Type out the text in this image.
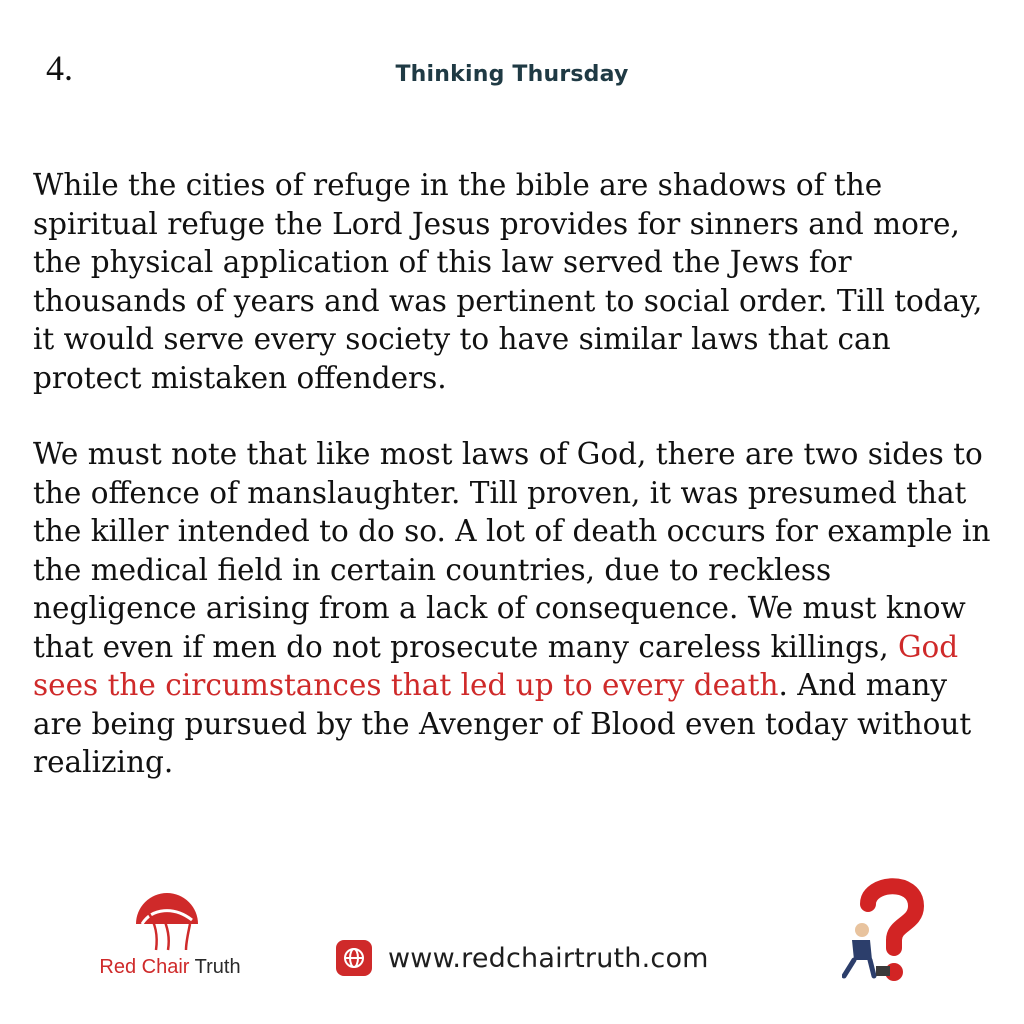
4.	Thinking Thursday

While the cities of refuge in the bible are shadows of the spiritual refuge the Lord Jesus provides for sinners and more, the physical application of this law served the Jews for thousands of years and was pertinent to social order. Till today, it would serve every society to have similar laws that can protect mistaken offenders.

We must note that like most laws of God, there are two sides to the offence of manslaughter. Till proven, it was presumed that the killer intended to do so. A lot of death occurs for example in the medical field in certain countries, due to reckless negligence arising from a lack of consequence. We must know that even if men do not prosecute many careless killings, God sees the circumstances that led up to every death. And many are being pursued by the Avenger of Blood even today without realizing.

Red Chair Truth	www.redchairtruth.com
